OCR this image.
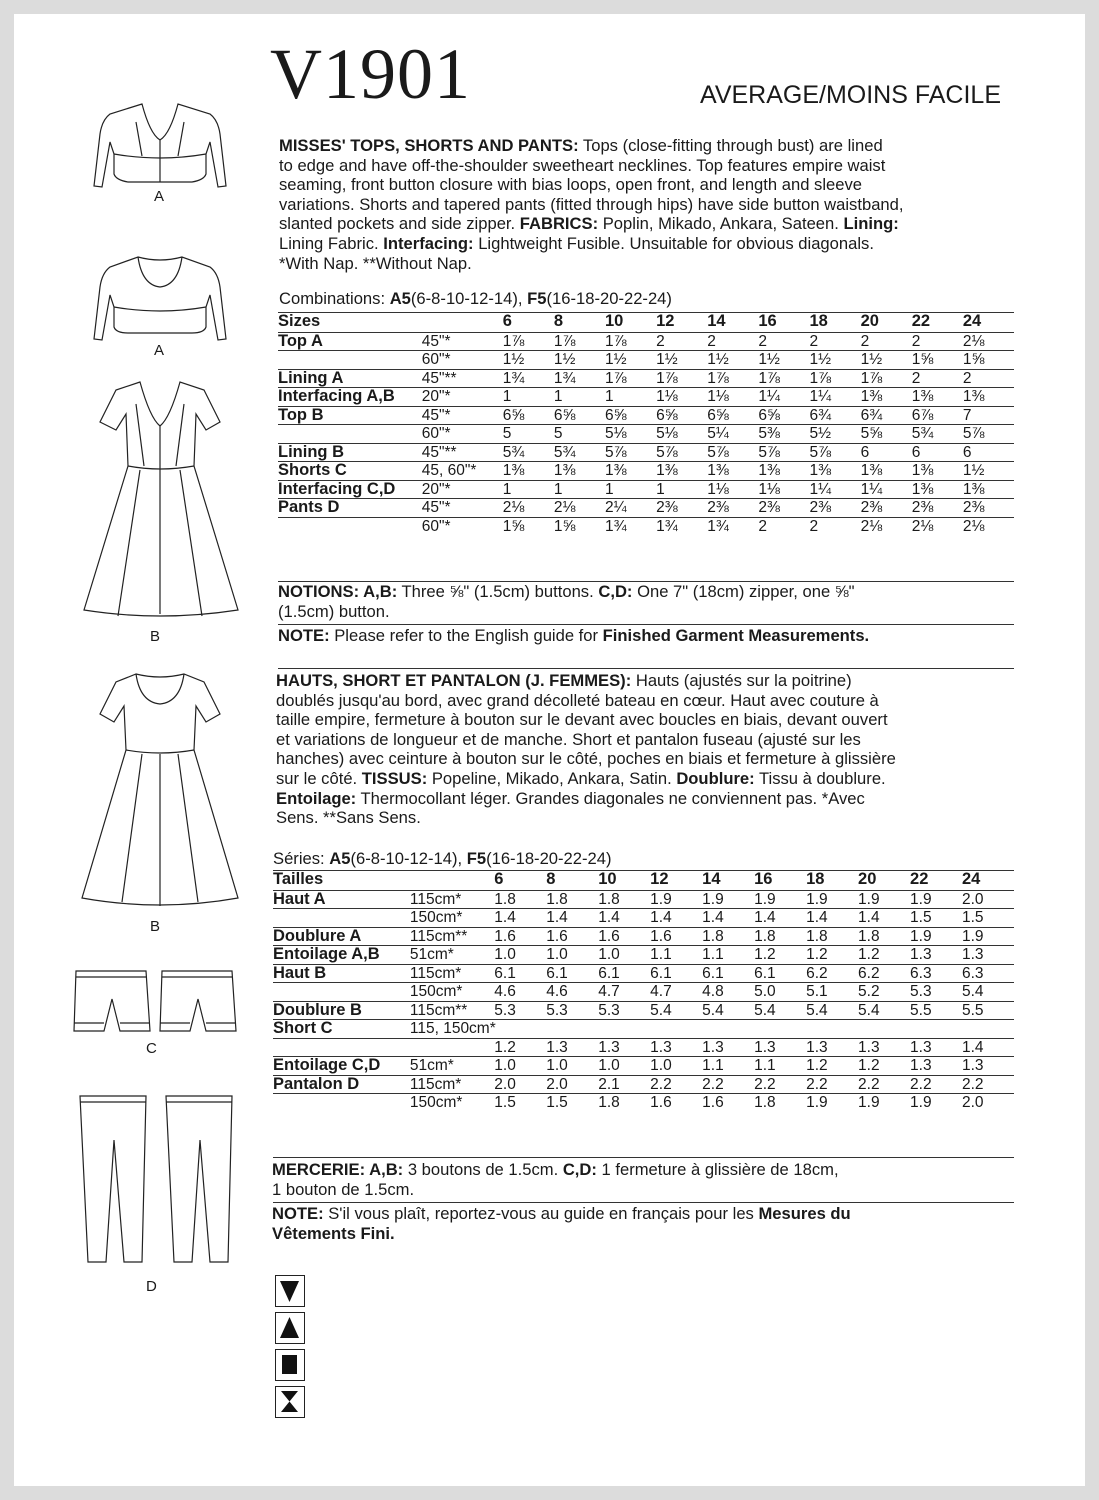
V1901	AVERAGE/MOINS FACILE
A
A
B
B
C
D
MISSES' TOPS, SHORTS AND PANTS: Tops (close-fitting through bust) are lined
to edge and have off-the-shoulder sweetheart necklines. Top features empire waist
seaming, front button closure with bias loops, open front, and length and sleeve
variations. Shorts and tapered pants (fitted through hips) have side button waistband,
slanted pockets and side zipper. FABRICS: Poplin, Mikado, Ankara, Sateen. Lining:
Lining Fabric. Interfacing: Lightweight Fusible. Unsuitable for obvious diagonals.
*With Nap. **Without Nap.
Combinations: A5(6-8-10-12-14), F5(16-18-20-22-24)
Sizes		6	8	10	12	14	16	18	20	22	24
Top A	45"*	1⅞	1⅞	1⅞	2	2	2	2	2	2	2⅛
	60"*	1½	1½	1½	1½	1½	1½	1½	1½	1⅝	1⅝
Lining A	45"**	1¾	1¾	1⅞	1⅞	1⅞	1⅞	1⅞	1⅞	2	2
Interfacing A,B	20"*	1	1	1	1⅛	1⅛	1¼	1¼	1⅜	1⅜	1⅜
Top B	45"*	6⅝	6⅝	6⅝	6⅝	6⅝	6⅝	6¾	6¾	6⅞	7
	60"*	5	5	5⅛	5⅛	5¼	5⅜	5½	5⅝	5¾	5⅞
Lining B	45"**	5¾	5¾	5⅞	5⅞	5⅞	5⅞	5⅞	6	6	6
Shorts C	45, 60"*	1⅜	1⅜	1⅜	1⅜	1⅜	1⅜	1⅜	1⅜	1⅜	1½
Interfacing C,D	20"*	1	1	1	1	1⅛	1⅛	1¼	1¼	1⅜	1⅜
Pants D	45"*	2⅛	2⅛	2¼	2⅜	2⅜	2⅜	2⅜	2⅜	2⅜	2⅜
	60"*	1⅝	1⅝	1¾	1¾	1¾	2	2	2⅛	2⅛	2⅛
NOTIONS: A,B: Three ⅝" (1.5cm) buttons. C,D: One 7" (18cm) zipper, one ⅝"
(1.5cm) button.
NOTE: Please refer to the English guide for Finished Garment Measurements.
HAUTS, SHORT ET PANTALON (J. FEMMES): Hauts (ajustés sur la poitrine)
doublés jusqu'au bord, avec grand décolleté bateau en cœur. Haut avec couture à
taille empire, fermeture à bouton sur le devant avec boucles en biais, devant ouvert
et variations de longueur et de manche. Short et pantalon fuseau (ajusté sur les
hanches) avec ceinture à bouton sur le côté, poches en biais et fermeture à glissière
sur le côté. TISSUS: Popeline, Mikado, Ankara, Satin. Doublure: Tissu à doublure.
Entoilage: Thermocollant léger. Grandes diagonales ne conviennent pas. *Avec
Sens. **Sans Sens.
Séries: A5(6-8-10-12-14), F5(16-18-20-22-24)
Tailles		6	8	10	12	14	16	18	20	22	24
Haut A	115cm*	1.8	1.8	1.8	1.9	1.9	1.9	1.9	1.9	1.9	2.0
	150cm*	1.4	1.4	1.4	1.4	1.4	1.4	1.4	1.4	1.5	1.5
Doublure A	115cm**	1.6	1.6	1.6	1.6	1.8	1.8	1.8	1.8	1.9	1.9
Entoilage A,B	51cm*	1.0	1.0	1.0	1.1	1.1	1.2	1.2	1.2	1.3	1.3
Haut B	115cm*	6.1	6.1	6.1	6.1	6.1	6.1	6.2	6.2	6.3	6.3
	150cm*	4.6	4.6	4.7	4.7	4.8	5.0	5.1	5.2	5.3	5.4
Doublure B	115cm**	5.3	5.3	5.3	5.4	5.4	5.4	5.4	5.4	5.5	5.5
Short C	115, 150cm*										
		1.2	1.3	1.3	1.3	1.3	1.3	1.3	1.3	1.3	1.4
Entoilage C,D	51cm*	1.0	1.0	1.0	1.0	1.1	1.1	1.2	1.2	1.3	1.3
Pantalon D	115cm*	2.0	2.0	2.1	2.2	2.2	2.2	2.2	2.2	2.2	2.2
	150cm*	1.5	1.5	1.8	1.6	1.6	1.8	1.9	1.9	1.9	2.0
MERCERIE: A,B: 3 boutons de 1.5cm. C,D: 1 fermeture à glissière de 18cm,
1 bouton de 1.5cm.
NOTE: S'il vous plaît, reportez-vous au guide en français pour les Mesures du
Vêtements Fini.
